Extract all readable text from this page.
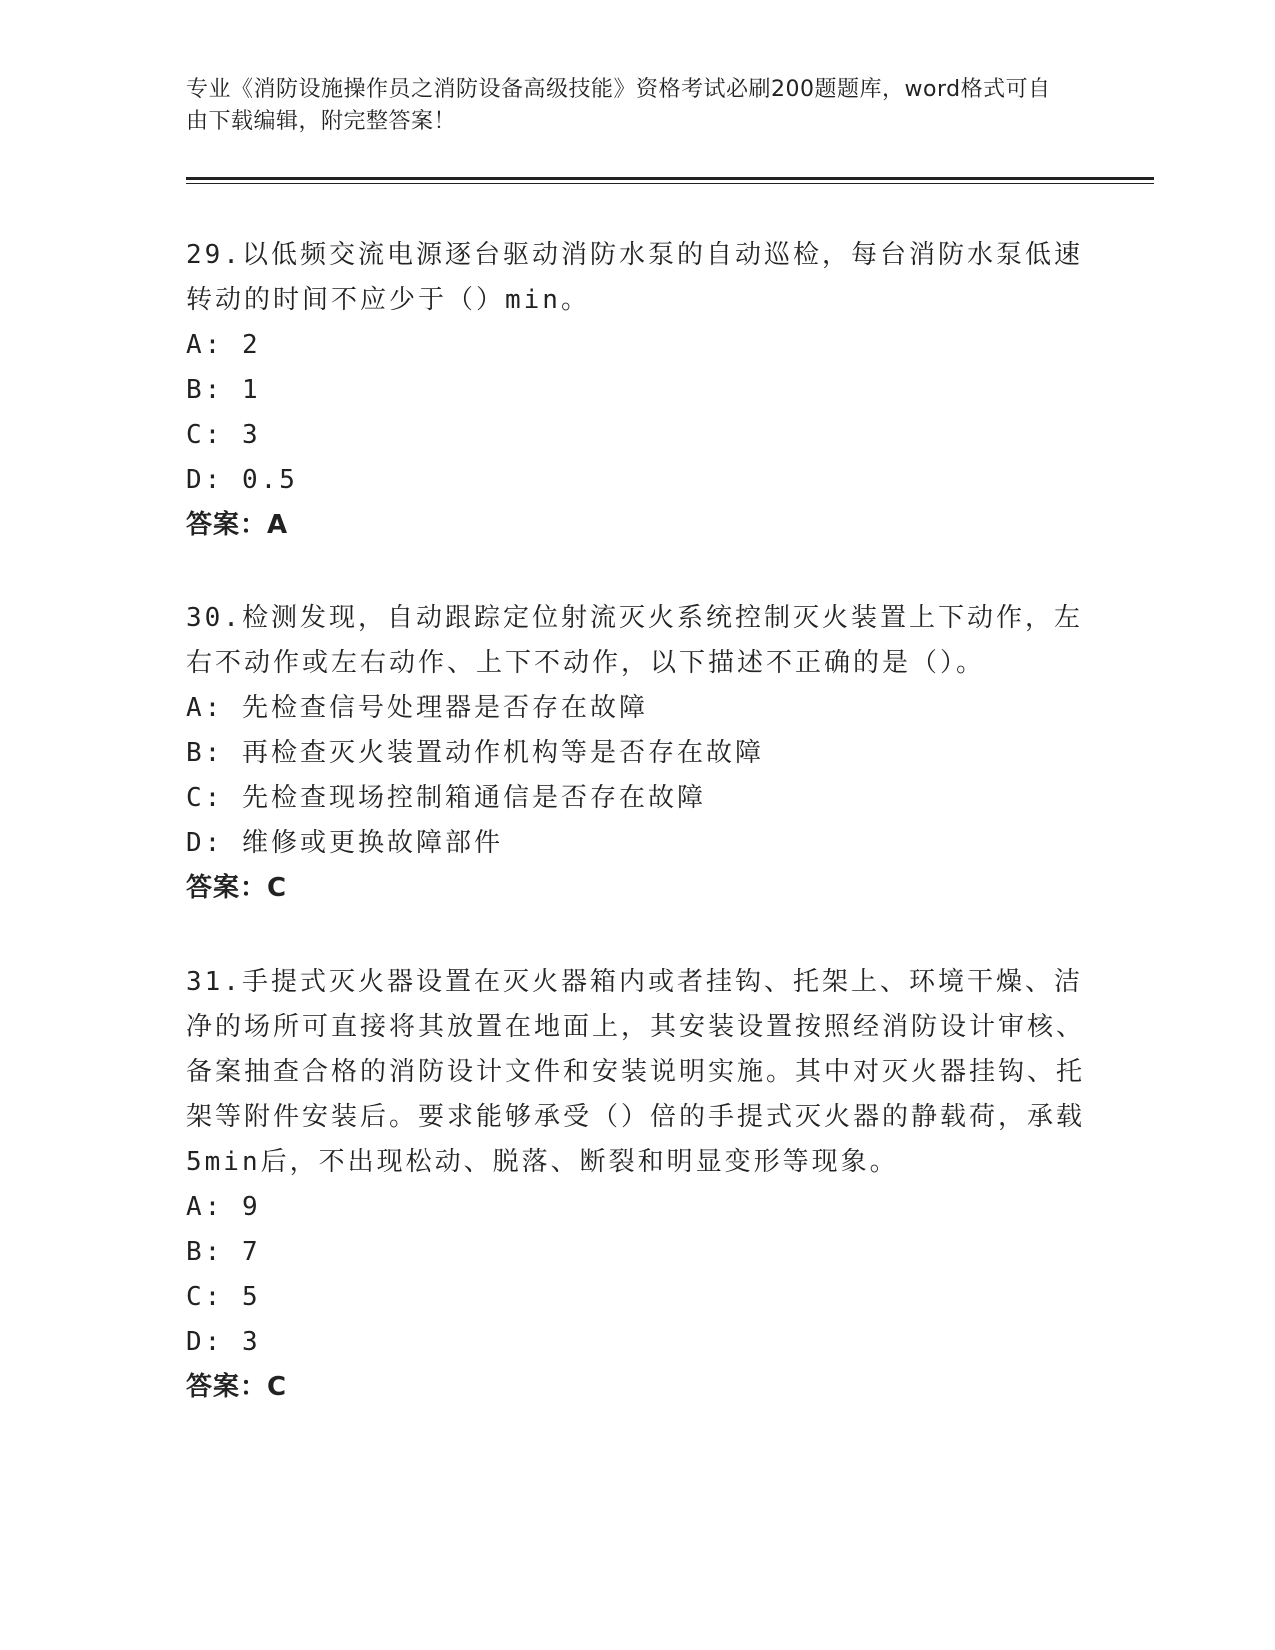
专业《消防设施操作员之消防设备高级技能》资格考试必刷200题题库，word格式可自由下载编辑，附完整答案！

29.以低频交流电源逐台驱动消防水泵的自动巡检，每台消防水泵低速转动的时间不应少于（）min。

A: 2

B: 1

C: 3

D: 0.5

答案：A

30.检测发现，自动跟踪定位射流灭火系统控制灭火装置上下动作，左右不动作或左右动作、上下不动作，以下描述不正确的是（）。

A: 先检查信号处理器是否存在故障

B: 再检查灭火装置动作机构等是否存在故障

C: 先检查现场控制箱通信是否存在故障

D: 维修或更换故障部件

答案：C

31.手提式灭火器设置在灭火器箱内或者挂钩、托架上、环境干燥、洁净的场所可直接将其放置在地面上，其安装设置按照经消防设计审核、备案抽查合格的消防设计文件和安装说明实施。其中对灭火器挂钩、托架等附件安装后。要求能够承受（）倍的手提式灭火器的静载荷，承载5min后，不出现松动、脱落、断裂和明显变形等现象。

A: 9

B: 7

C: 5

D: 3

答案：C
